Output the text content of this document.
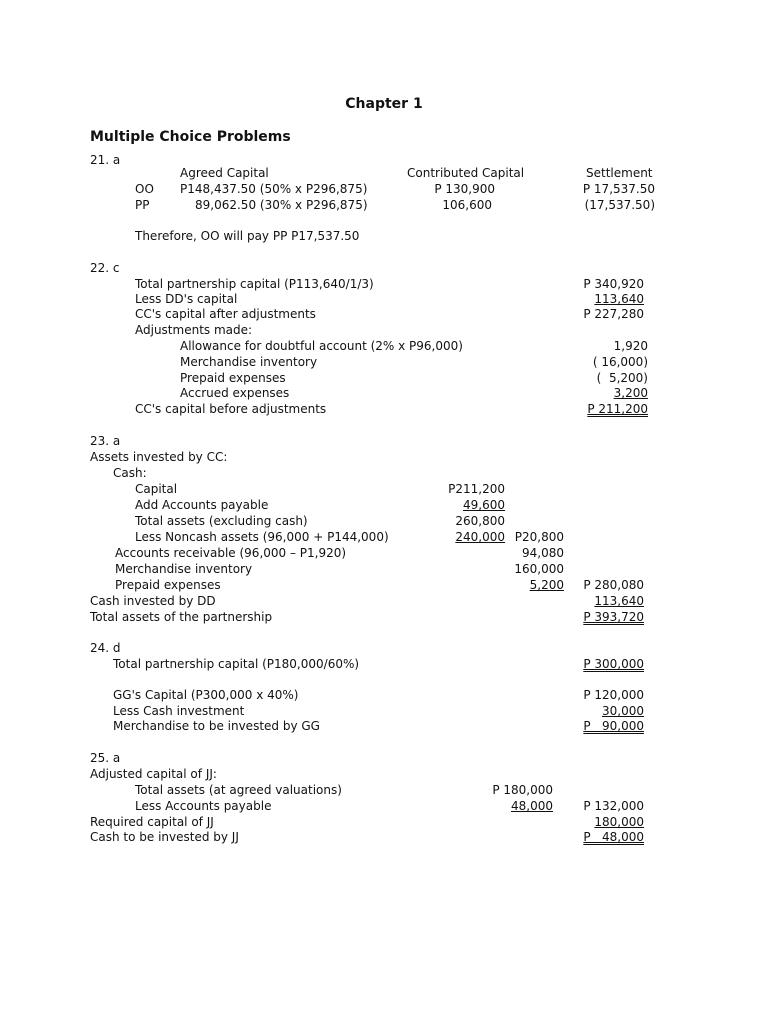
Chapter 1
Multiple Choice Problems
21. a
Agreed Capital	Contributed Capital	Settlement
OO P148,437.50 (50% x P296,875)	P 130,900	P 17,537.50
PP	89,062.50 (30% x P296,875)	106,600	(17,537.50)
Therefore, OO will pay PP P17,537.50
22. c
Total partnership capital (P113,640/1/3)	P 340,920
Less DD's capital	113,640
CC's capital after adjustments	P 227,280
Adjustments made:
Allowance for doubtful account (2% x P96,000)	1,920
Merchandise inventory	( 16,000)
Prepaid expenses	(  5,200)
Accrued expenses	3,200
CC's capital before adjustments	P 211,200
23. a
Assets invested by CC:
Cash:
Capital	P211,200
Add Accounts payable	49,600
Total assets (excluding cash)	260,800
Less Noncash assets (96,000 + P144,000)	240,000 P20,800
Accounts receivable (96,000 – P1,920)	94,080
Merchandise inventory	160,000
Prepaid expenses	5,200	P 280,080
Cash invested by DD	113,640
Total assets of the partnership	P 393,720
24. d
Total partnership capital (P180,000/60%)	P 300,000
GG's Capital (P300,000 x 40%)	P 120,000
Less Cash investment	30,000
Merchandise to be invested by GG	P   90,000
25. a
Adjusted capital of JJ:
Total assets (at agreed valuations)	P 180,000
Less Accounts payable	48,000	P 132,000
Required capital of JJ	180,000
Cash to be invested by JJ	P   48,000
